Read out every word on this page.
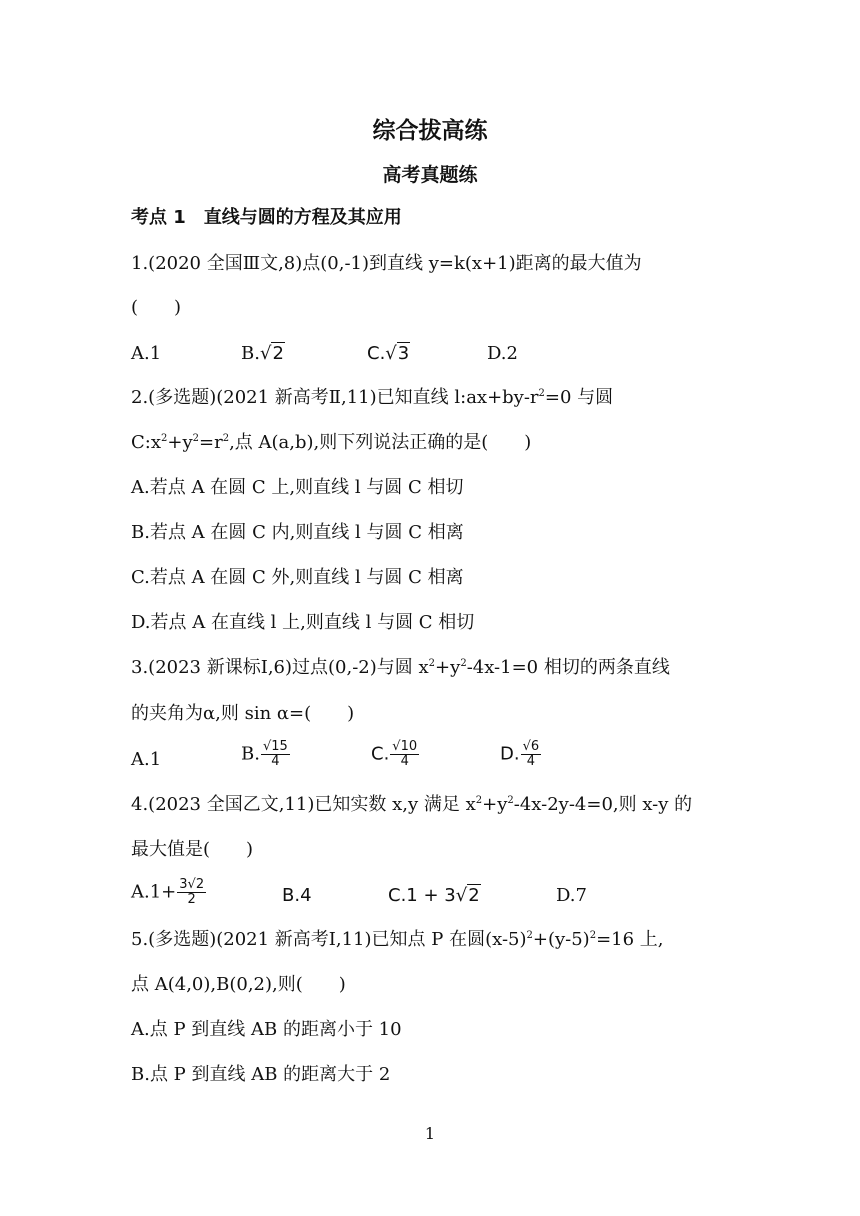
综合拔高练
高考真题练
考点 1　直线与圆的方程及其应用
1.(2020 全国Ⅲ文,8)点(0,-1)到直线 y=k(x+1)距离的最大值为
(　　)
A.1	B.√2	C.√3	D.2
2.(多选题)(2021 新高考Ⅱ,11)已知直线 $l:ax+by-r^2=0$ 与圆
$C:x^2+y^2=r^2$,点 A(a,b),则下列说法正确的是(　　)
A.若点 A 在圆 C 上,则直线 l 与圆 C 相切
B.若点 A 在圆 C 内,则直线 l 与圆 C 相离
C.若点 A 在圆 C 外,则直线 l 与圆 C 相离
D.若点 A 在直线 l 上,则直线 l 与圆 C 相切
3.(2023 新课标Ⅰ,6)过点(0,-2)与圆 $x^2+y^2-4x-1=0$ 相切的两条直线
的夹角为α,则 sin α=(　　)
A.1	B. $\frac{√15}{4}$	C. $\frac{√10}{4}$	D. $\frac{√6}{4}$
4.(2023 全国乙文,11)已知实数 x,y 满足 $x^2+y^2-4x-2y-4=0$,则 x-y 的
最大值是(　　)
$A.1+ \frac{3√2}{2}$	B.4	C.1 + 3√2	D.7
5.(多选题)(2021 新高考Ⅰ,11)已知点 P 在圆$(x-5)^2+(y-5)^2=16$ 上,
点 A(4,0),B(0,2),则(　　)
A.点 P 到直线 AB 的距离小于 10
B.点 P 到直线 AB 的距离大于 2
1
